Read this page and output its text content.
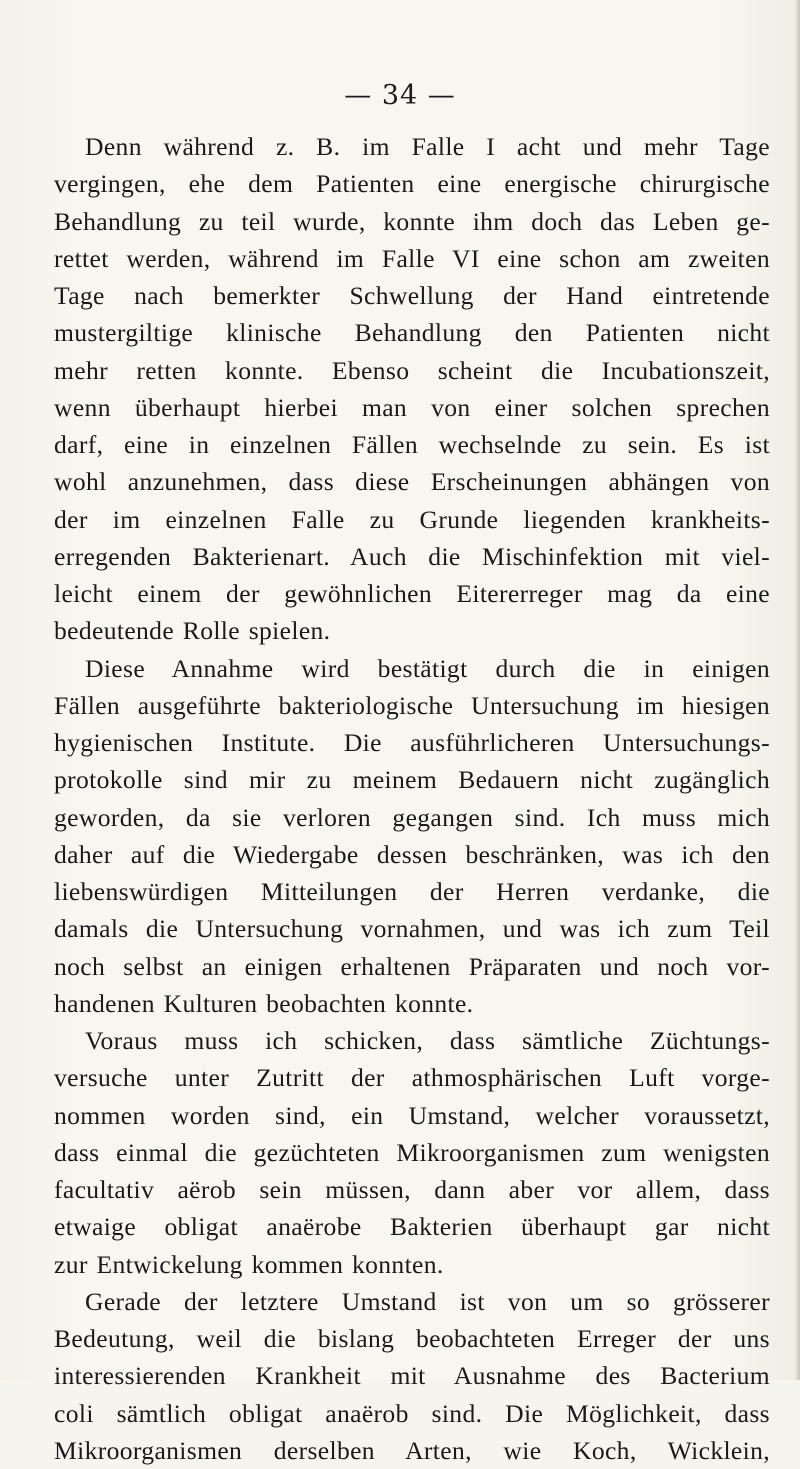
— 34 —
Denn während z. B. im Falle I acht und mehr Tage
vergingen, ehe dem Patienten eine energische chirurgische
Behandlung zu teil wurde, konnte ihm doch das Leben ge-
rettet werden, während im Falle VI eine schon am zweiten
Tage nach bemerkter Schwellung der Hand eintretende
mustergiltige klinische Behandlung den Patienten nicht
mehr retten konnte. Ebenso scheint die Incubationszeit,
wenn überhaupt hierbei man von einer solchen sprechen
darf, eine in einzelnen Fällen wechselnde zu sein. Es ist
wohl anzunehmen, dass diese Erscheinungen abhängen von
der im einzelnen Falle zu Grunde liegenden krankheits-
erregenden Bakterienart. Auch die Mischinfektion mit viel-
leicht einem der gewöhnlichen Eitererreger mag da eine
bedeutende Rolle spielen.
Diese Annahme wird bestätigt durch die in einigen
Fällen ausgeführte bakteriologische Untersuchung im hiesigen
hygienischen Institute. Die ausführlicheren Untersuchungs-
protokolle sind mir zu meinem Bedauern nicht zugänglich
geworden, da sie verloren gegangen sind. Ich muss mich
daher auf die Wiedergabe dessen beschränken, was ich den
liebenswürdigen Mitteilungen der Herren verdanke, die
damals die Untersuchung vornahmen, und was ich zum Teil
noch selbst an einigen erhaltenen Präparaten und noch vor-
handenen Kulturen beobachten konnte.
Voraus muss ich schicken, dass sämtliche Züchtungs-
versuche unter Zutritt der athmosphärischen Luft vorge-
nommen worden sind, ein Umstand, welcher voraussetzt,
dass einmal die gezüchteten Mikroorganismen zum wenigsten
facultativ aërob sein müssen, dann aber vor allem, dass
etwaige obligat anaërobe Bakterien überhaupt gar nicht
zur Entwickelung kommen konnten.
Gerade der letztere Umstand ist von um so grösserer
Bedeutung, weil die bislang beobachteten Erreger der uns
interessierenden Krankheit mit Ausnahme des Bacterium
coli sämtlich obligat anaërob sind. Die Möglichkeit, dass
Mikroorganismen derselben Arten, wie Koch, Wicklein,
